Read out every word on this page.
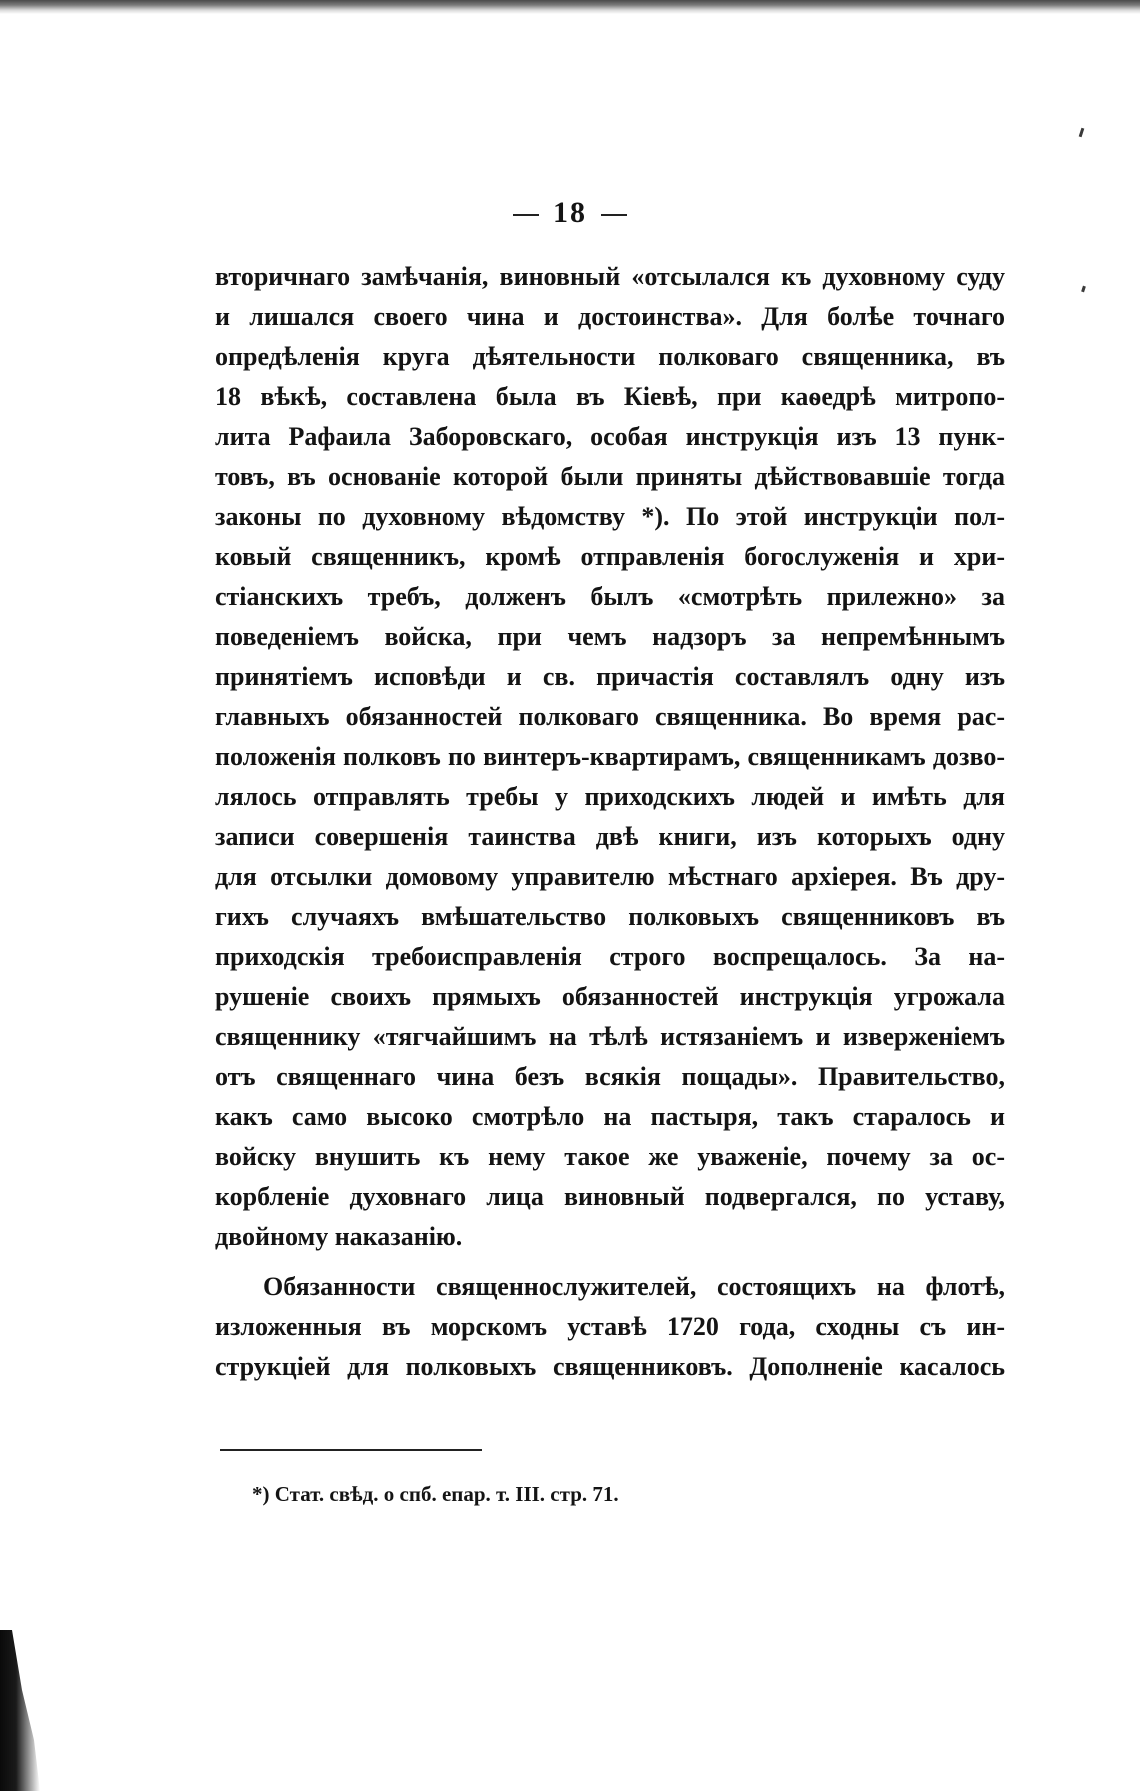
18
вторичнаго замѣчанія, виновный «отсылался къ духовному суду
и лишался своего чина и достоинства». Для болѣе точнаго
опредѣленія круга дѣятельности полковаго священника, въ
18 вѣкѣ, составлена была въ Кіевѣ, при каѳедрѣ митропо-
лита Рафаила Заборовскаго, особая инструкція изъ 13 пунк-
товъ, въ основаніе которой были приняты дѣйствовавшіе тогда
законы по духовному вѣдомству *). По этой инструкціи пол-
ковый священникъ, кромѣ отправленія богослуженія и хри-
стіанскихъ требъ, долженъ былъ «смотрѣть прилежно» за
поведеніемъ войска, при чемъ надзоръ за непремѣннымъ
принятіемъ исповѣди и св. причастія составлялъ одну изъ
главныхъ обязанностей полковаго священника. Во время рас-
положенія полковъ по винтеръ-квартирамъ, священникамъ дозво-
лялось отправлять требы у приходскихъ людей и имѣть для
записи совершенія таинства двѣ книги, изъ которыхъ одну
для отсылки домовому управителю мѣстнаго архіерея. Въ дру-
гихъ случаяхъ вмѣшательство полковыхъ священниковъ въ
приходскія требоисправленія строго воспрещалось. За на-
рушеніе своихъ прямыхъ обязанностей инструкція угрожала
священнику «тягчайшимъ на тѣлѣ истязаніемъ и изверженіемъ
отъ священнаго чина безъ всякія пощады». Правительство,
какъ само высоко смотрѣло на пастыря, такъ старалось и
войску внушить къ нему такое же уваженіе, почему за ос-
корбленіе духовнаго лица виновный подвергался, по уставу,
двойному наказанію.
Обязанности священнослужителей, состоящихъ на флотѣ,
изложенныя въ морскомъ уставѣ 1720 года, сходны съ ин-
струкціей для полковыхъ священниковъ. Дополненіе касалось
*) Стат. свѣд. о спб. епар. т. III. стр. 71.
